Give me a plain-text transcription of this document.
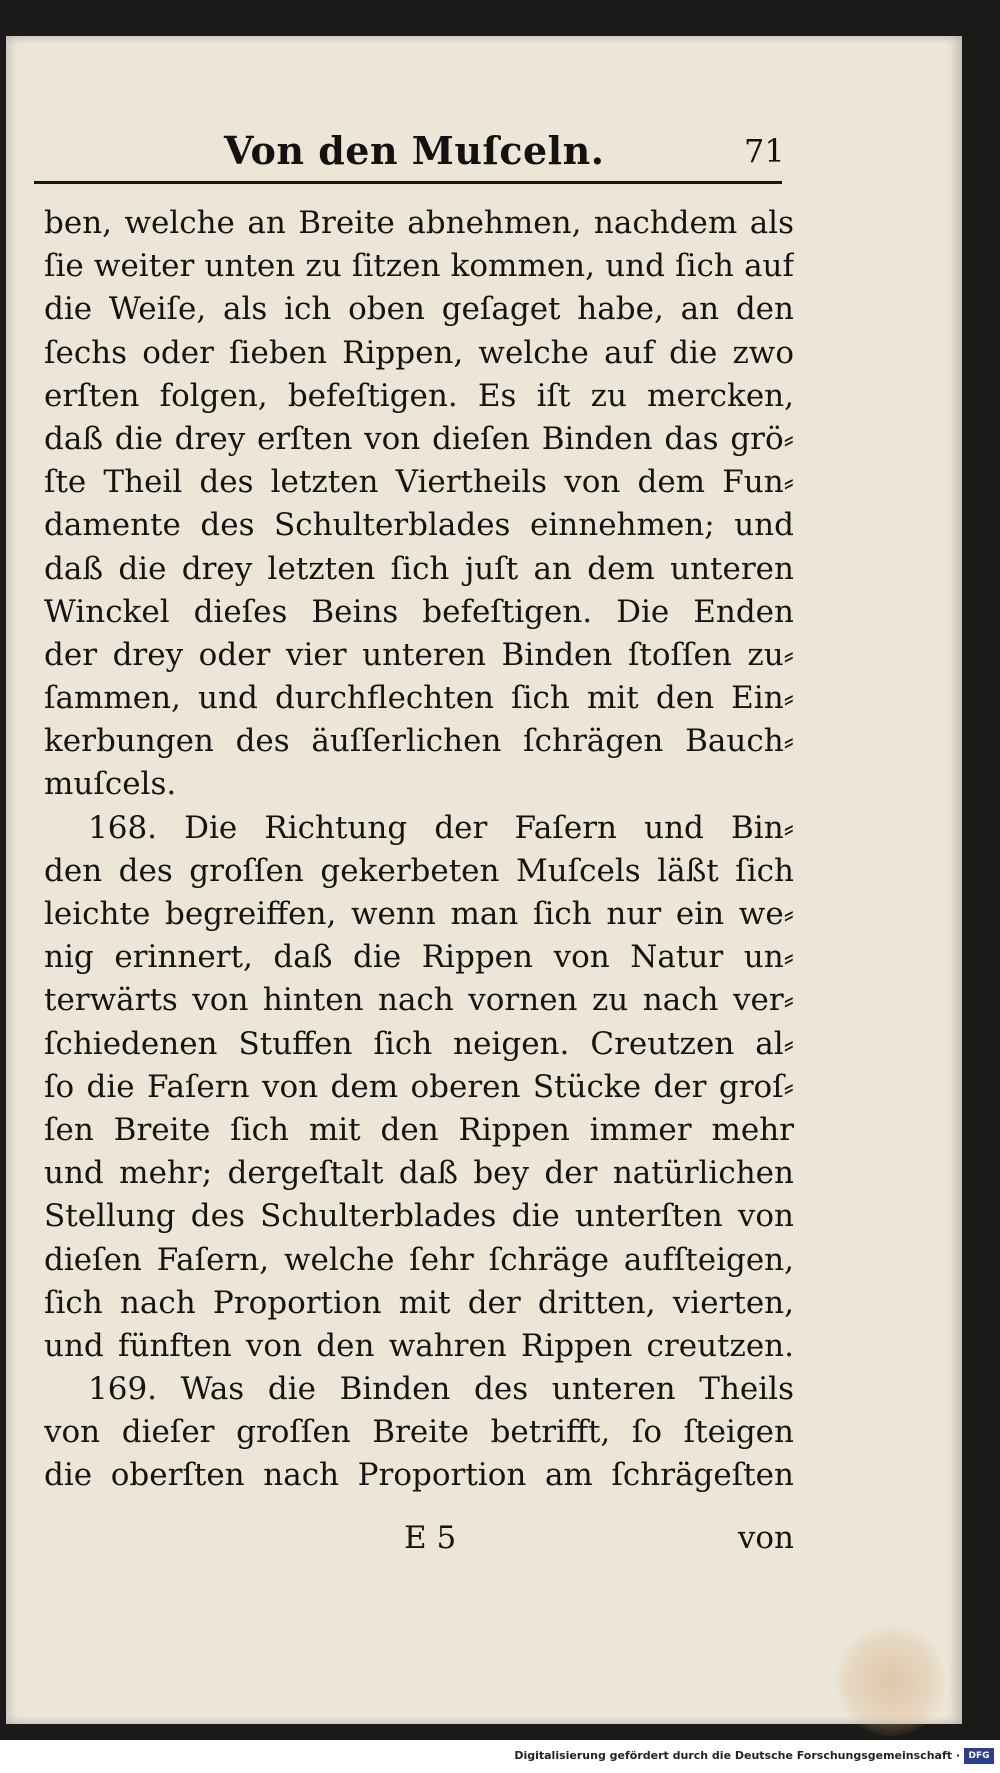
Von den Muſceln.	71
ben, welche an Breite abnehmen, nachdem als
ſie weiter unten zu ſitzen kommen, und ſich auf
die Weiſe, als ich oben geſaget habe, an den
ſechs oder ſieben Rippen, welche auf die zwo
erſten folgen, befeſtigen. Es iſt zu mercken,
daß die drey erſten von dieſen Binden das grö⸗
ſte Theil des letzten Viertheils von dem Fun⸗
damente des Schulterblades einnehmen; und
daß die drey letzten ſich juſt an dem unteren
Winckel dieſes Beins befeſtigen. Die Enden
der drey oder vier unteren Binden ſtoſſen zu⸗
ſammen, und durchflechten ſich mit den Ein⸗
kerbungen des äuſſerlichen ſchrägen Bauch⸗
muſcels.
168. Die Richtung der Faſern und Bin⸗
den des groſſen gekerbeten Muſcels läßt ſich
leichte begreiffen, wenn man ſich nur ein we⸗
nig erinnert, daß die Rippen von Natur un⸗
terwärts von hinten nach vornen zu nach ver⸗
ſchiedenen Stuffen ſich neigen. Creutzen al⸗
ſo die Faſern von dem oberen Stücke der groſ⸗
ſen Breite ſich mit den Rippen immer mehr
und mehr; dergeſtalt daß bey der natürlichen
Stellung des Schulterblades die unterſten von
dieſen Faſern, welche ſehr ſchräge aufſteigen,
ſich nach Proportion mit der dritten, vierten,
und fünften von den wahren Rippen creutzen.
169. Was die Binden des unteren Theils
von dieſer groſſen Breite betrifft, ſo ſteigen
die oberſten nach Proportion am ſchrägeſten
E 5	von
Digitalisierung gefördert durch die Deutsche Forschungsgemeinschaft · DFG
